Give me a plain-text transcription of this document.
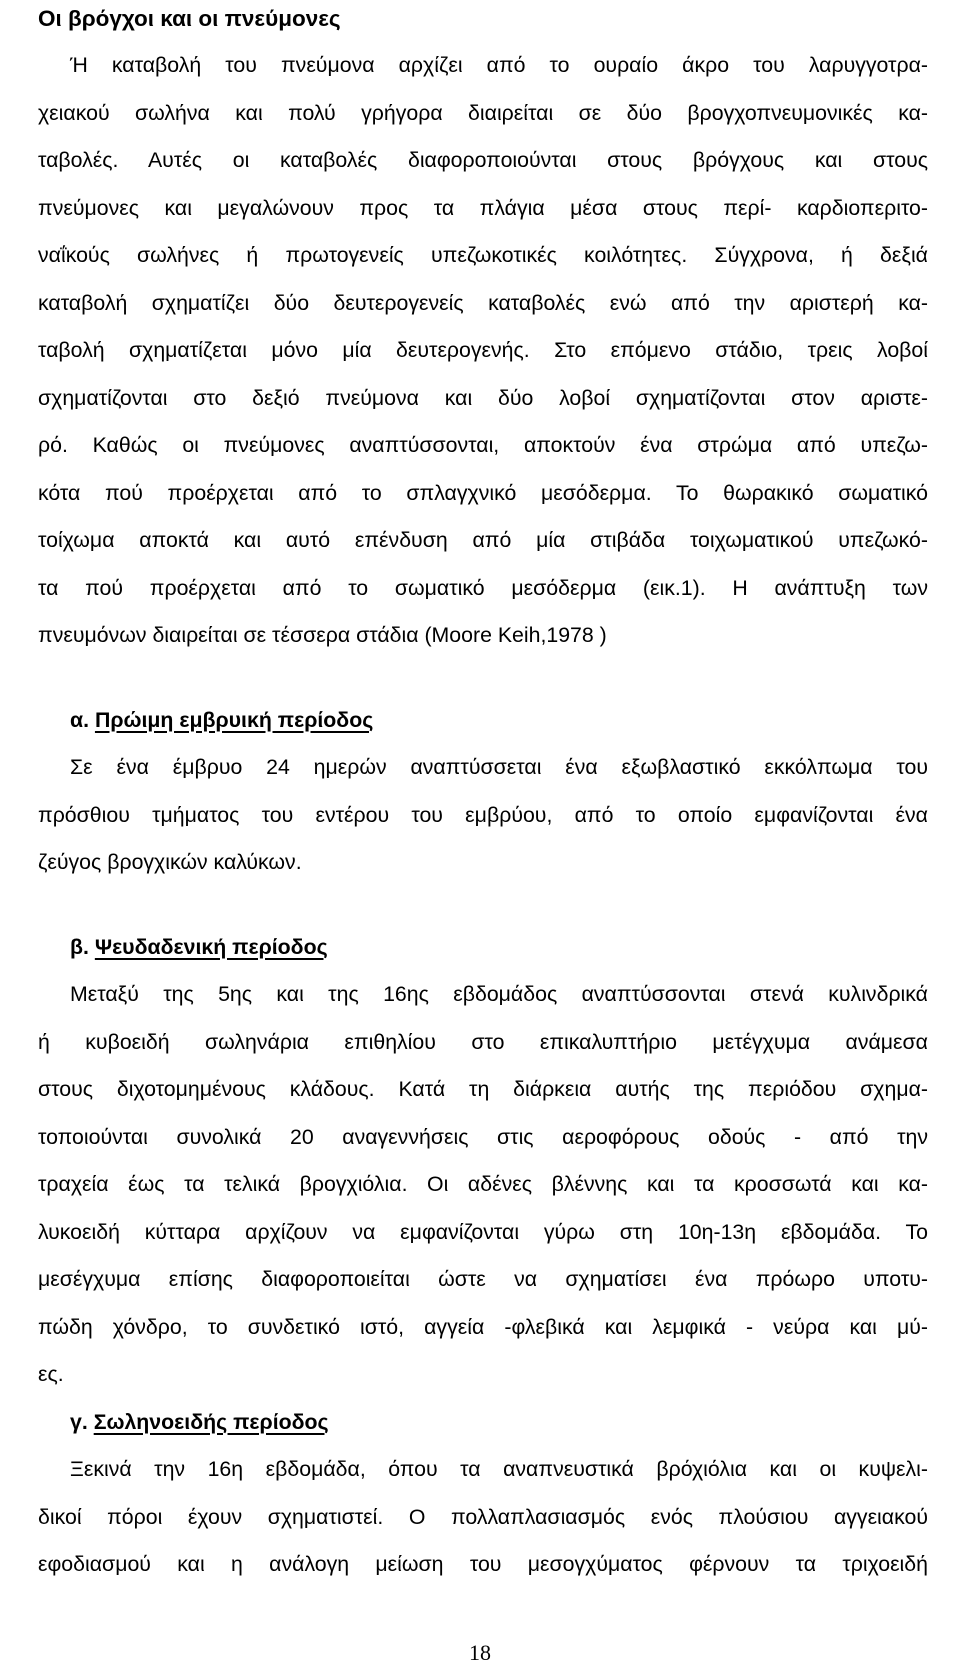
Οι βρόγχοι και οι πνεύμονες
Ή καταβολή του πνεύμονα αρχίζει από το ουραίο άκρο του λαρυγγοτρα-
χειακού σωλήνα και πολύ γρήγορα διαιρείται σε δύο βρογχοπνευμονικές κα-
ταβολές. Αυτές οι καταβολές διαφοροποιούνται στους βρόγχους και στους
πνεύμονες και μεγαλώνουν προς τα πλάγια μέσα στους περί- καρδιοπεριτο-
ναΐκούς σωλήνες ή πρωτογενείς υπεζωκοτικές κοιλότητες. Σύγχρονα, ή δεξιά
καταβολή σχηματίζει δύο δευτερογενείς καταβολές ενώ από την αριστερή κα-
ταβολή σχηματίζεται μόνο μία δευτερογενής. Στο επόμενο στάδιο, τρεις λοβοί
σχηματίζονται στο δεξιό πνεύμονα και δύο λοβοί σχηματίζονται στον αριστε-
ρό. Καθώς οι πνεύμονες αναπτύσσονται, αποκτούν ένα στρώμα από υπεζω-
κότα πού προέρχεται από το σπλαγχνικό μεσόδερμα. Το θωρακικό σωματικό
τοίχωμα αποκτά και αυτό επένδυση από μία στιβάδα τοιχωματικού υπεζωκό-
τα πού προέρχεται από το σωματικό μεσόδερμα (εικ.1). Η ανάπτυξη των
πνευμόνων διαιρείται σε τέσσερα στάδια (Moore Keih,1978 )
α. Πρώιμη εμβρυική περίοδος
Σε ένα έμβρυο 24 ημερών αναπτύσσεται ένα εξωβλαστικό εκκόλπωμα του
πρόσθιου τμήματος του εντέρου του εμβρύου, από το οποίο εμφανίζονται ένα
ζεύγος βρογχικών καλύκων.
β. Ψευδαδενική περίοδος
Μεταξύ της 5ης και της 16ης εβδομάδος αναπτύσσονται στενά κυλινδρικά
ή κυβοειδή σωληνάρια επιθηλίου στο επικαλυπτήριο μετέγχυμα ανάμεσα
στους διχοτομημένους κλάδους. Κατά τη διάρκεια αυτής της περιόδου σχημα-
τοποιούνται συνολικά 20 αναγεννήσεις στις αεροφόρους οδούς - από την
τραχεία έως τα τελικά βρογχιόλια. Οι αδένες βλέννης και τα κροσσωτά και κα-
λυκοειδή κύτταρα αρχίζουν να εμφανίζονται γύρω στη 10η-13η εβδομάδα. Το
μεσέγχυμα επίσης διαφοροποιείται ώστε να σχηματίσει ένα πρόωρο υποτυ-
πώδη χόνδρο, το συνδετικό ιστό, αγγεία -φλεβικά και λεμφικά - νεύρα και μύ-
ες.
γ. Σωληνοειδής περίοδος
Ξεκινά την 16η εβδομάδα, όπου τα αναπνευστικά βρόχιόλια και οι κυψελι-
δικοί πόροι έχουν σχηματιστεί. Ο πολλαπλασιασμός ενός πλούσιου αγγειακού
εφοδιασμού και η ανάλογη μείωση του μεσογχύματος φέρνουν τα τριχοειδή
18
